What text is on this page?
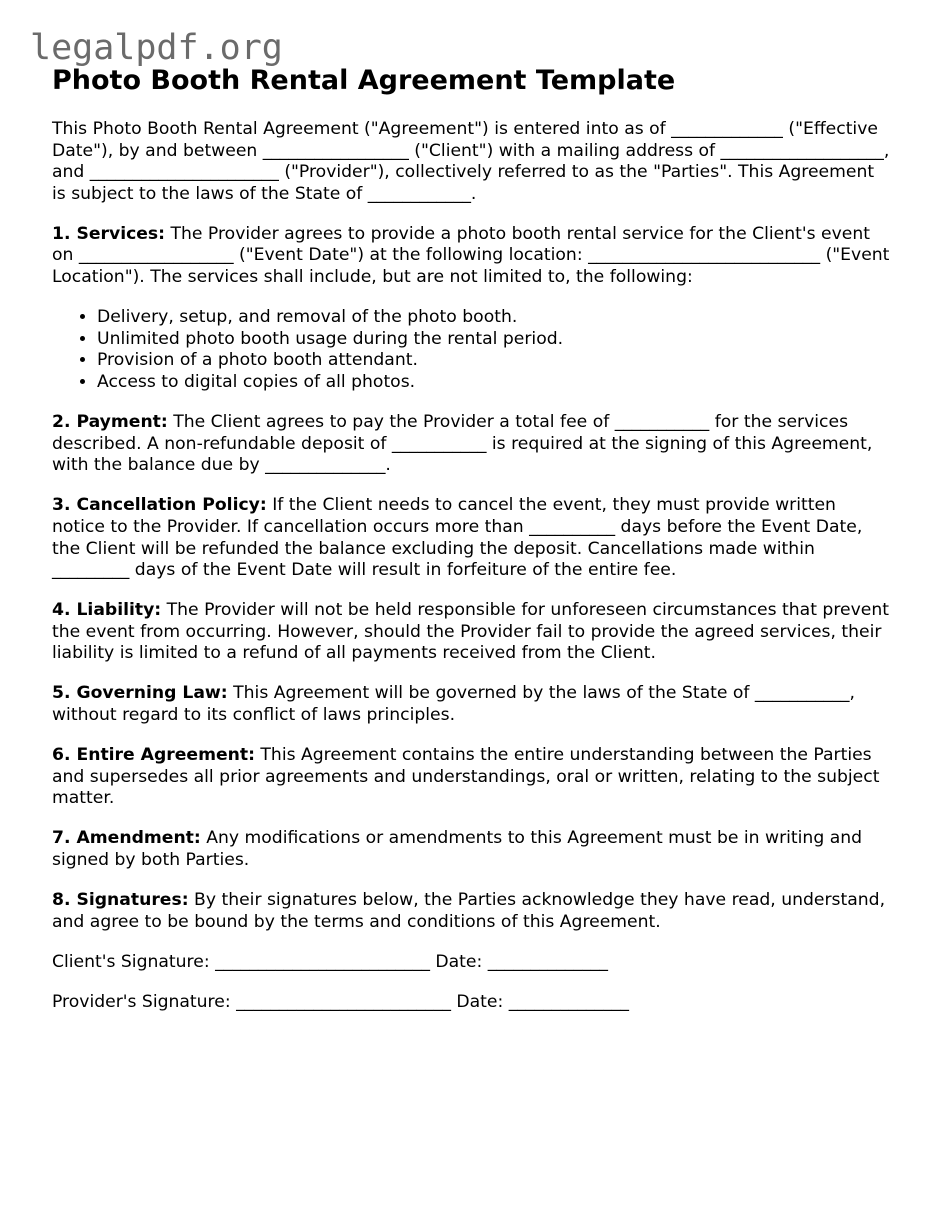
legalpdf.org
Photo Booth Rental Agreement Template

This Photo Booth Rental Agreement ("Agreement") is entered into as of _____________ ("Effective Date"), by and between _________________ ("Client") with a mailing address of ___________________, and ______________________ ("Provider"), collectively referred to as the "Parties". This Agreement is subject to the laws of the State of ____________.

1. Services: The Provider agrees to provide a photo booth rental service for the Client's event on __________________ ("Event Date") at the following location: ___________________________ ("Event Location"). The services shall include, but are not limited to, the following:

• Delivery, setup, and removal of the photo booth.
• Unlimited photo booth usage during the rental period.
• Provision of a photo booth attendant.
• Access to digital copies of all photos.

2. Payment: The Client agrees to pay the Provider a total fee of ___________ for the services described. A non-refundable deposit of ___________ is required at the signing of this Agreement, with the balance due by ______________.

3. Cancellation Policy: If the Client needs to cancel the event, they must provide written notice to the Provider. If cancellation occurs more than __________ days before the Event Date, the Client will be refunded the balance excluding the deposit. Cancellations made within _________ days of the Event Date will result in forfeiture of the entire fee.

4. Liability: The Provider will not be held responsible for unforeseen circumstances that prevent the event from occurring. However, should the Provider fail to provide the agreed services, their liability is limited to a refund of all payments received from the Client.

5. Governing Law: This Agreement will be governed by the laws of the State of ___________, without regard to its conflict of laws principles.

6. Entire Agreement: This Agreement contains the entire understanding between the Parties and supersedes all prior agreements and understandings, oral or written, relating to the subject matter.

7. Amendment: Any modifications or amendments to this Agreement must be in writing and signed by both Parties.

8. Signatures: By their signatures below, the Parties acknowledge they have read, understand, and agree to be bound by the terms and conditions of this Agreement.

Client's Signature: _________________________ Date: ______________

Provider's Signature: _________________________ Date: ______________
